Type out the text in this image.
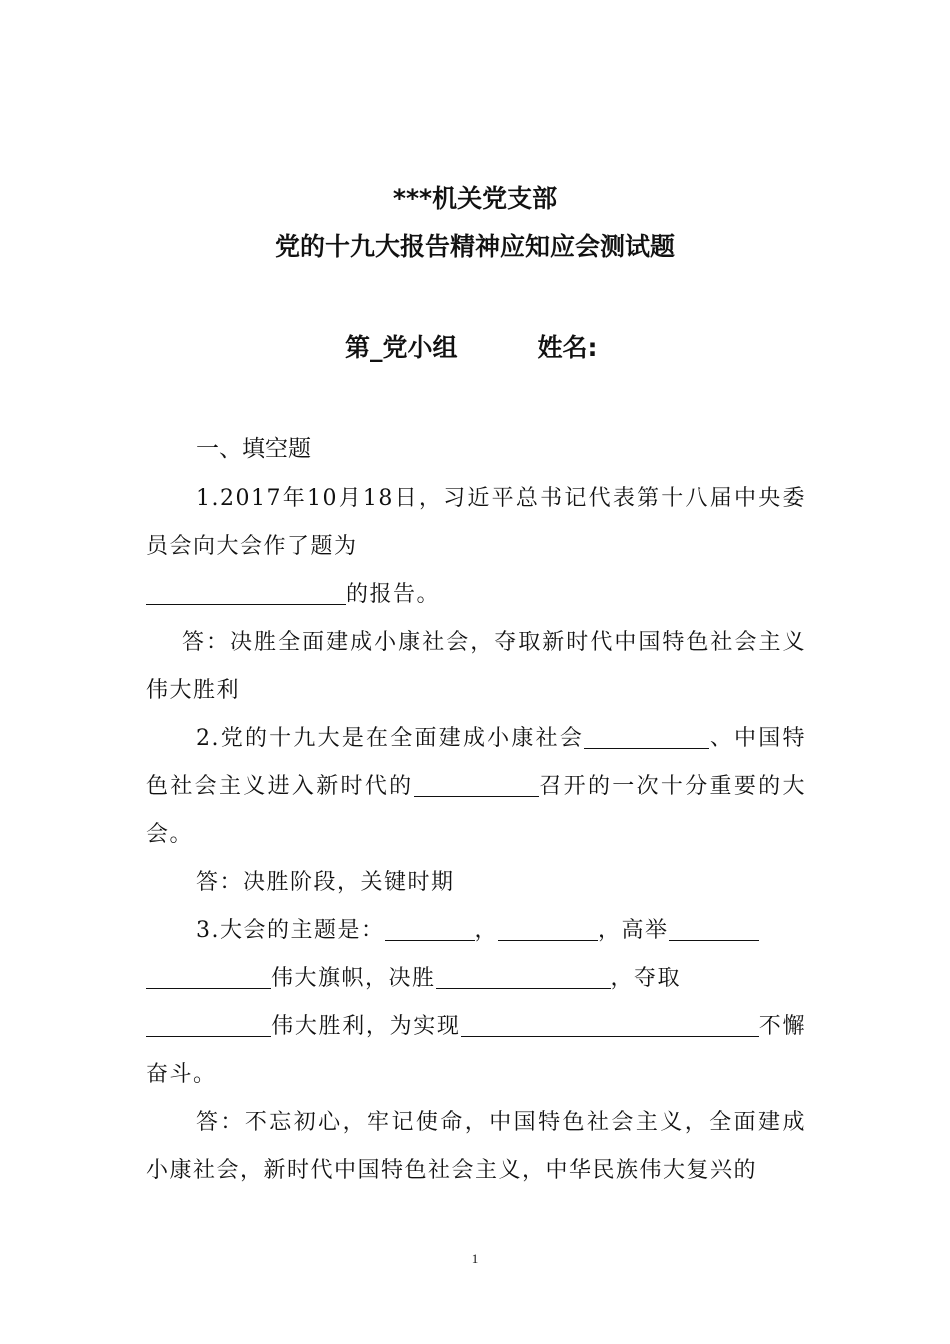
***机关党支部
党的十九大报告精神应知应会测试题
第_党小组	姓名:
一、填空题

1.2017年10月18日，习近平总书记代表第十八届中央委员会向大会作了题为
的报告。

答：决胜全面建成小康社会，夺取新时代中国特色社会主义伟大胜利

2.党的十九大是在全面建成小康社会	、中国特色社会主义进入新时代的	召开的一次十分重要的大会。

答：决胜阶段，关键时期

3.大会的主题是：	，	，高举
伟大旗帜，决胜	，夺取
伟大胜利，为实现	不懈奋斗。

答：不忘初心，牢记使命，中国特色社会主义，全面建成小康社会，新时代中国特色社会主义，中华民族伟大复兴的

1
